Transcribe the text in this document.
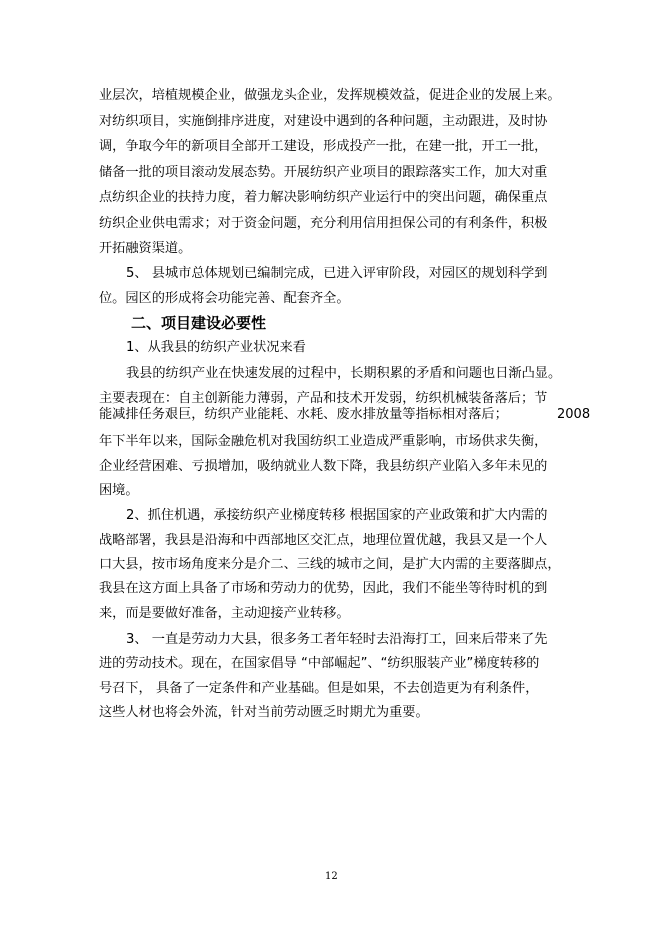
业层次，培植规模企业，做强龙头企业，发挥规模效益，促进企业的发展上来。

对纺织项目，实施倒排序进度，对建设中遇到的各种问题，主动跟进，及时协

调，争取今年的新项目全部开工建设，形成投产一批，在建一批，开工一批，

储备一批的项目滚动发展态势。开展纺织产业项目的跟踪落实工作，加大对重

点纺织企业的扶持力度，着力解决影响纺织产业运行中的突出问题，确保重点

纺织企业供电需求；对于资金问题，充分利用信用担保公司的有利条件，积极

开拓融资渠道。

5、 县城市总体规划已编制完成，已进入评审阶段，对园区的规划科学到

位。园区的形成将会功能完善、配套齐全。

二、项目建设必要性

1、从我县的纺织产业状况来看

我县的纺织产业在快速发展的过程中，长期积累的矛盾和问题也日渐凸显。

主要表现在：自主创新能力薄弱，产品和技术开发弱，纺织机械装备落后；节

能减排任务艰巨，纺织产业能耗、水耗、废水排放量等指标相对落后；	2008

年下半年以来，国际金融危机对我国纺织工业造成严重影响，市场供求失衡，

企业经营困难、亏损增加，吸纳就业人数下降，我县纺织产业陷入多年未见的

困境。

2、抓住机遇，承接纺织产业梯度转移 根据国家的产业政策和扩大内需的

战略部署，我县是沿海和中西部地区交汇点，地理位置优越，我县又是一个人

口大县，按市场角度来分是介二、三线的城市之间，是扩大内需的主要落脚点，

我县在这方面上具备了市场和劳动力的优势，因此，我们不能坐等待时机的到

来，而是要做好准备，主动迎接产业转移。

3、 一直是劳动力大县，很多务工者年轻时去沿海打工，回来后带来了先

进的劳动技术。现在，在国家倡导 “中部崛起”、“纺织服装产业”梯度转移的

号召下， 具备了一定条件和产业基础。但是如果，不去创造更为有利条件，

这些人材也将会外流，针对当前劳动匮乏时期尤为重要。

12
